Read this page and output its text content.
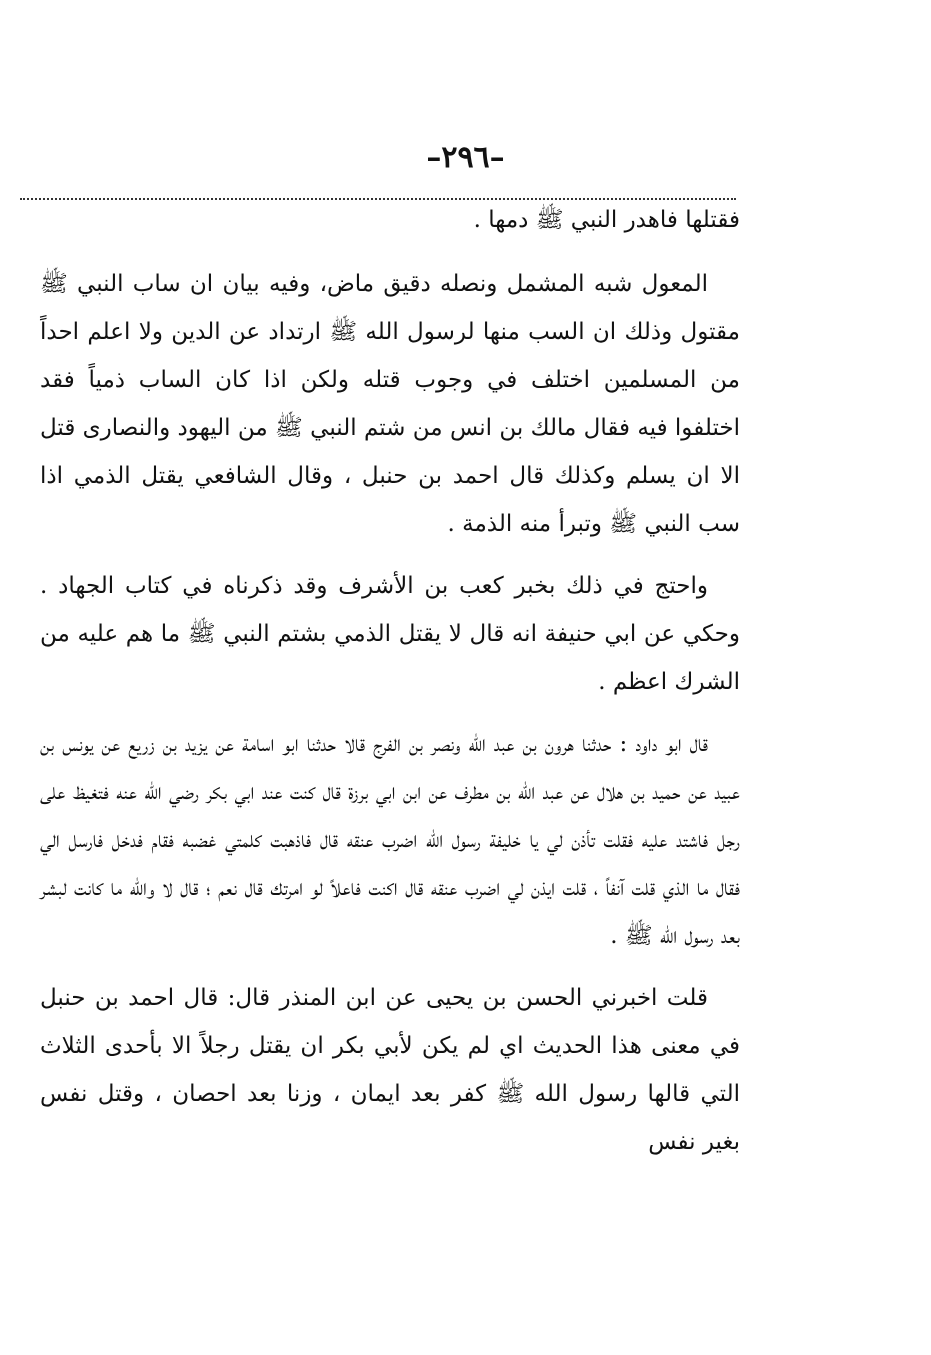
–٢٩٦–

فقتلها فاهدر النبي ﷺ دمها .

المعول شبه المشمل ونصله دقيق ماض، وفيه بيان ان ساب النبي ﷺ مقتول وذلك ان السب منها لرسول الله ﷺ ارتداد عن الدين ولا اعلم احداً من المسلمين اختلف في وجوب قتله ولكن اذا كان الساب ذمياً فقد اختلفوا فيه فقال مالك بن انس من شتم النبي ﷺ من اليهود والنصارى قتل الا ان يسلم وكذلك قال احمد بن حنبل ، وقال الشافعي يقتل الذمي اذا سب النبي ﷺ وتبرأ منه الذمة .

واحتج في ذلك بخبر كعب بن الأشرف وقد ذكرناه في كتاب الجهاد . وحكي عن ابي حنيفة انه قال لا يقتل الذمي بشتم النبي ﷺ ما هم عليه من الشرك اعظم .

قال ابو داود : حدثنا هرون بن عبد الله ونصر بن الفرج قالا حدثنا ابو اسامة عن يزيد بن زريع عن يونس بن عبيد عن حميد بن هلال عن عبد الله بن مطرف عن ابن ابي برزة قال كنت عند ابي بكر رضي الله عنه فتغيظ على رجل فاشتد عليه فقلت تأذن لي يا خليفة رسول الله اضرب عنقه قال فاذهبت كلمتي غضبه فقام فدخل فارسل الي فقال ما الذي قلت آنفاً ، قلت ايذن لي اضرب عنقه قال اكنت فاعلاً لو امرتك قال نعم ؛ قال لا والله ما كانت لبشر بعد رسول الله ﷺ .

قلت اخبرني الحسن بن يحيى عن ابن المنذر قال: قال احمد بن حنبل في معنى هذا الحديث اي لم يكن لأبي بكر ان يقتل رجلاً الا بأحدى الثلاث التي قالها رسول الله ﷺ كفر بعد ايمان ، وزنا بعد احصان ، وقتل نفس بغير نفس
